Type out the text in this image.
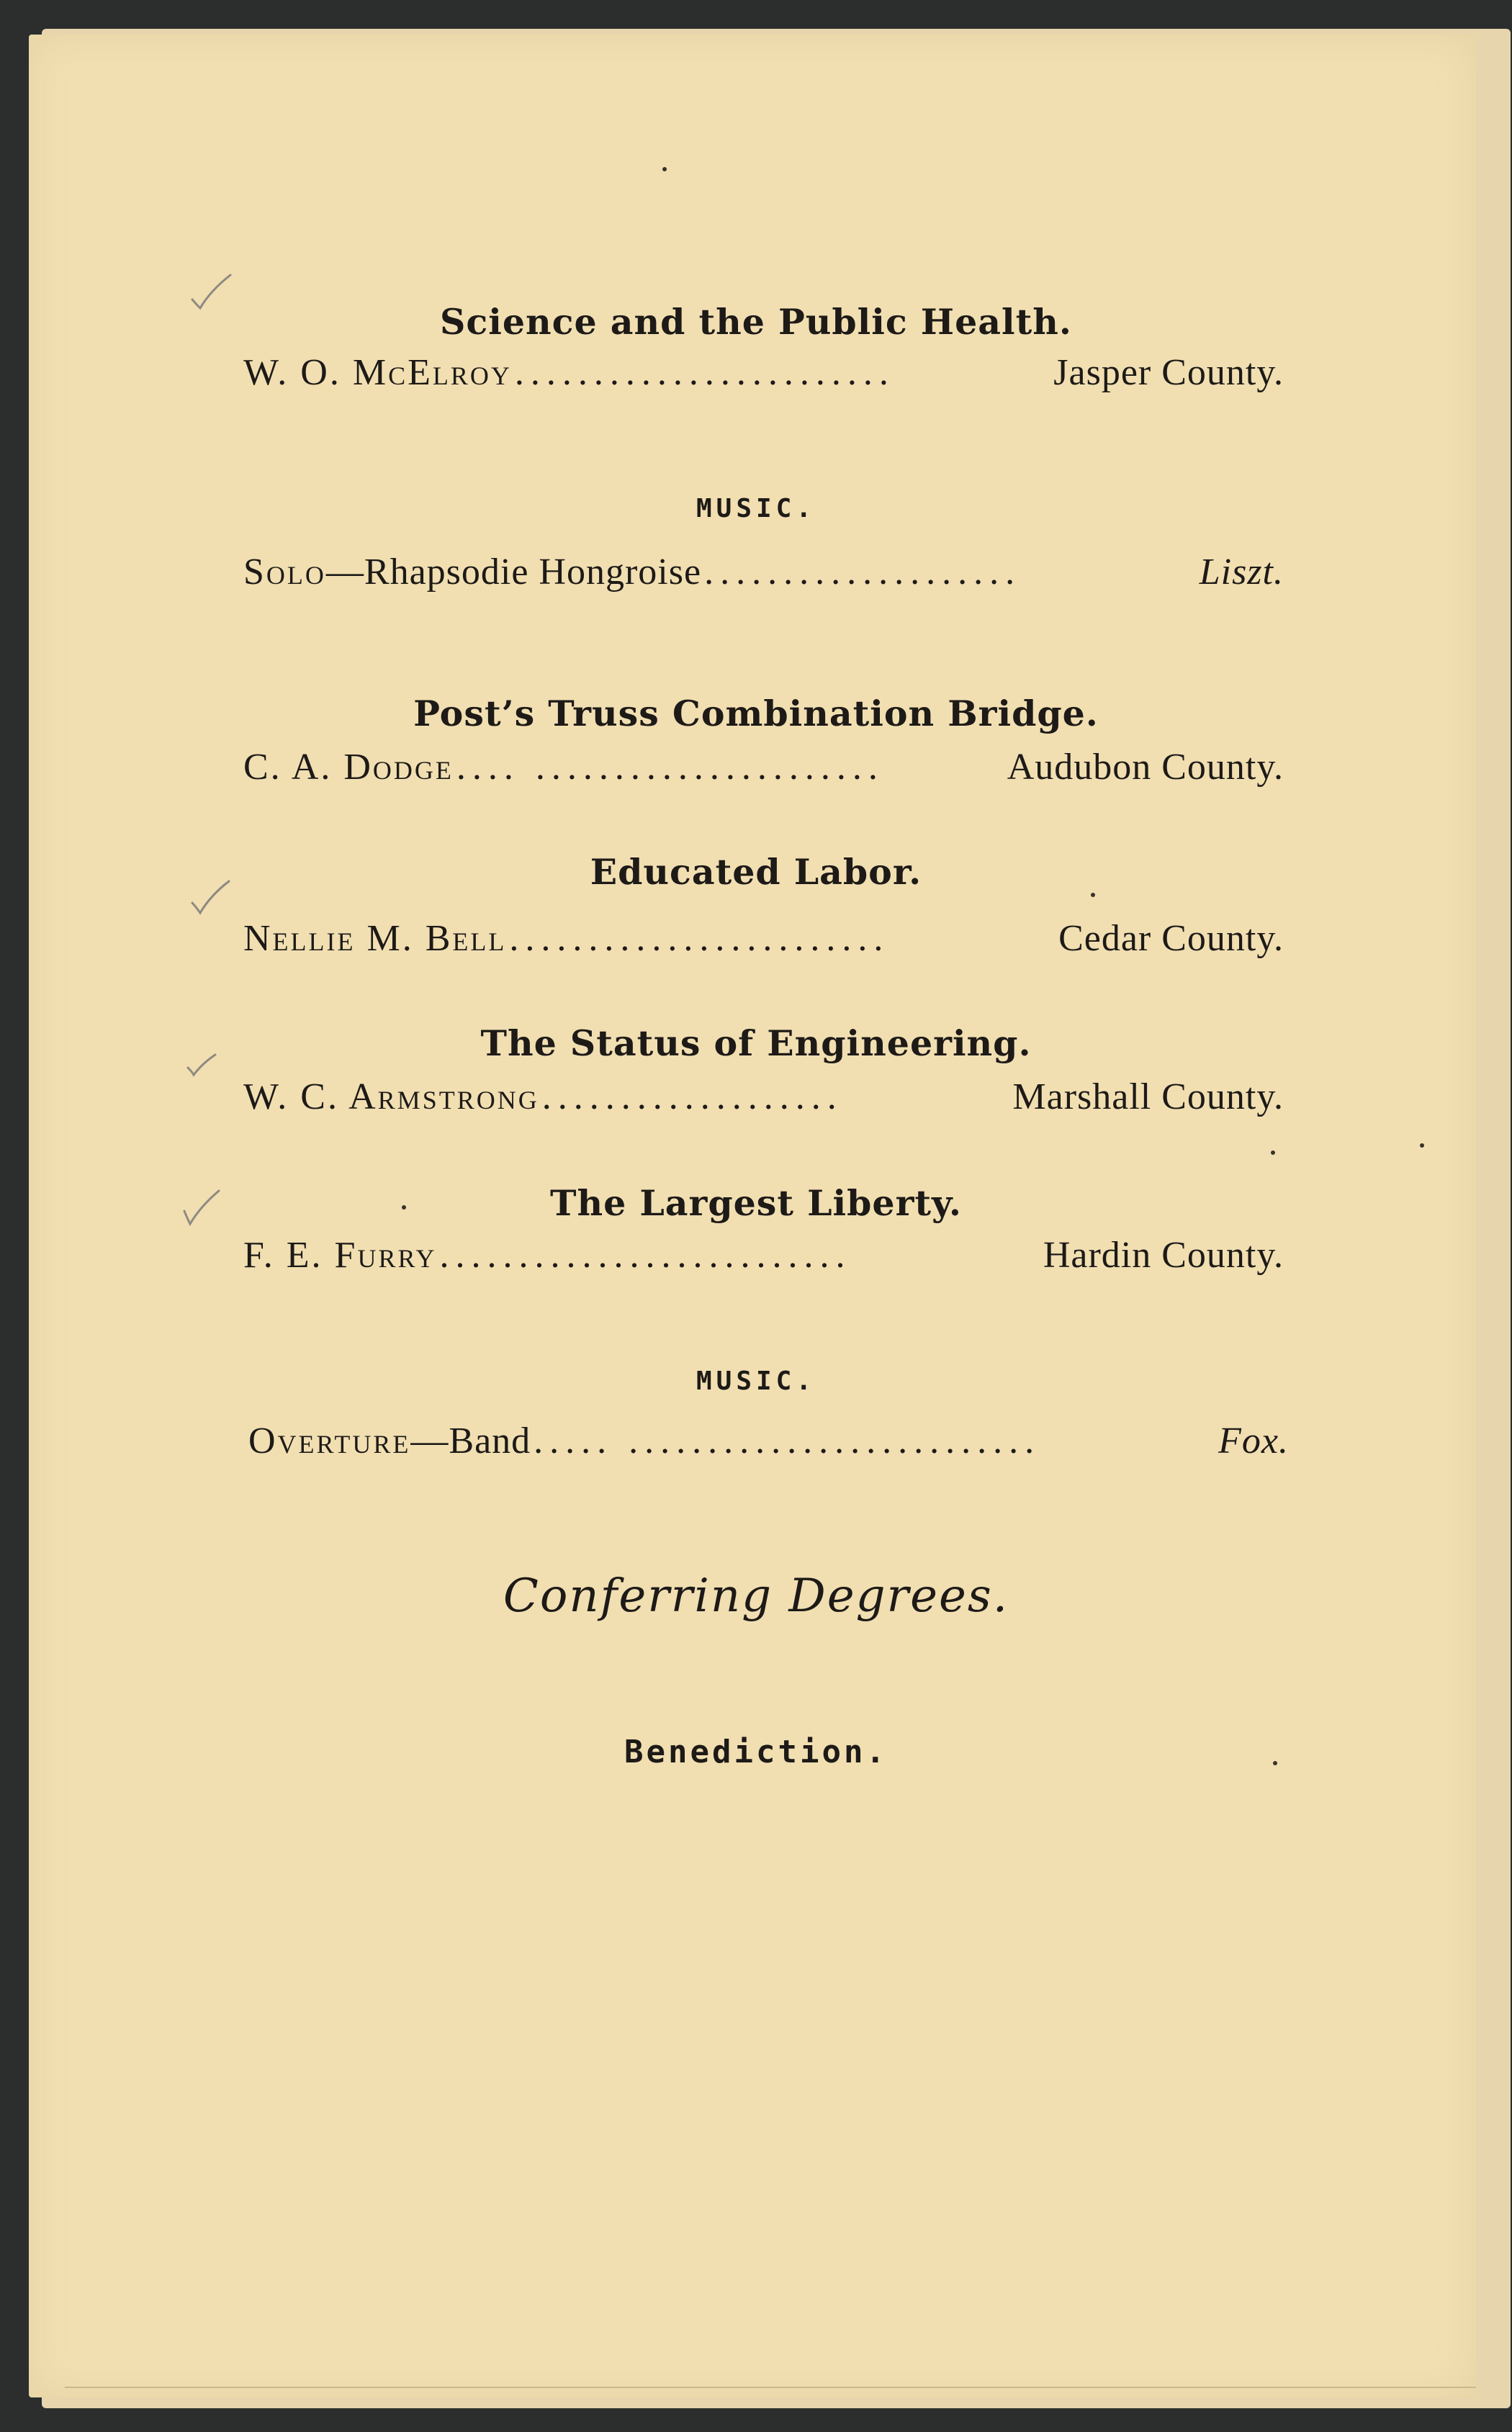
Science and the Public Health.
W. O. McElroy ........................	Jasper County.
MUSIC.
Solo—Rhapsodie Hongroise ....................	Liszt.
Post’s Truss Combination Bridge.
C. A. Dodge .... ......................	Audubon County.
Educated Labor.
Nellie M. Bell ........................	Cedar County.
The Status of Engineering.
W. C. Armstrong ...................	Marshall County.
The Largest Liberty.
F. E. Furry ..........................	Hardin County.
MUSIC.
Overture—Band ..... ..........................	Fox.
Conferring Degrees.
Benediction.
